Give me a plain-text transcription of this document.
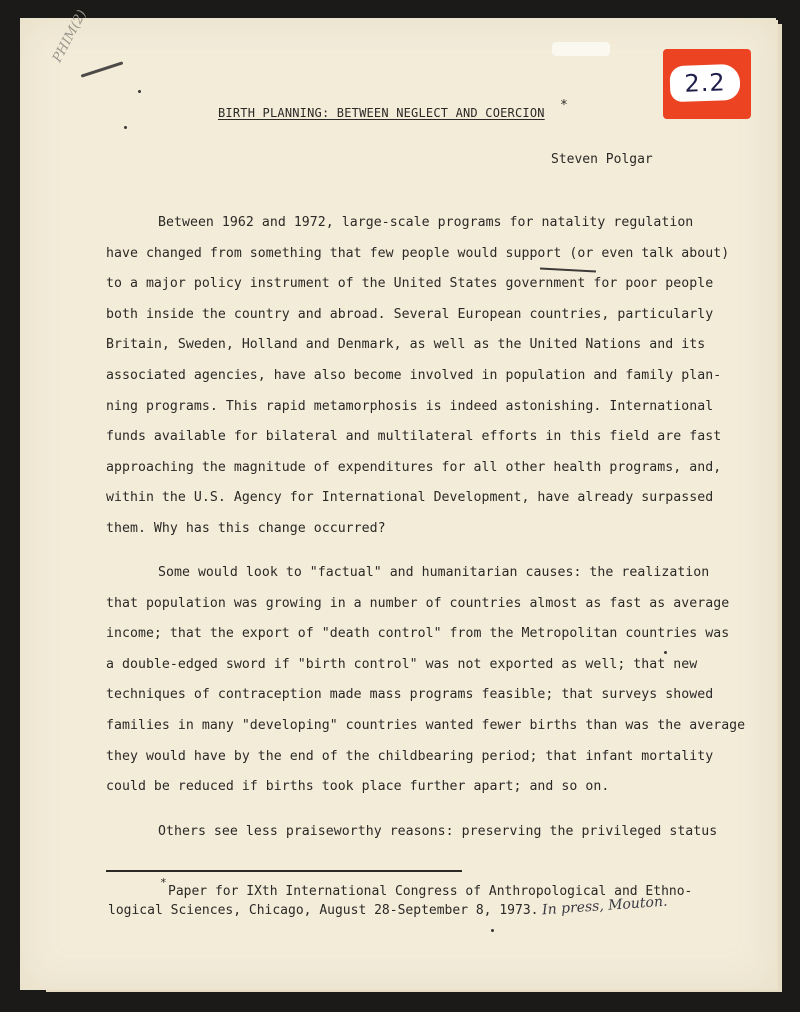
PHIM(2)
2.2
BIRTH PLANNING: BETWEEN NEGLECT AND COERCION *
Steven Polgar

Between 1962 and 1972, large-scale programs for natality regulation
have changed from something that few people would support (or even talk about)
to a major policy instrument of the United States government for poor people
both inside the country and abroad. Several European countries, particularly
Britain, Sweden, Holland and Denmark, as well as the United Nations and its
associated agencies, have also become involved in population and family plan-
ning programs. This rapid metamorphosis is indeed astonishing. International
funds available for bilateral and multilateral efforts in this field are fast
approaching the magnitude of expenditures for all other health programs, and,
within the U.S. Agency for International Development, have already surpassed
them. Why has this change occurred?

Some would look to "factual" and humanitarian causes: the realization
that population was growing in a number of countries almost as fast as average
income; that the export of "death control" from the Metropolitan countries was
a double-edged sword if "birth control" was not exported as well; that new
techniques of contraception made mass programs feasible; that surveys showed
families in many "developing" countries wanted fewer births than was the average
they would have by the end of the childbearing period; that infant mortality
could be reduced if births took place further apart; and so on.

Others see less praiseworthy reasons: preserving the privileged status

*
Paper for IXth International Congress of Anthropological and Ethno-
logical Sciences, Chicago, August 28-September 8, 1973. In press, Mouton.
